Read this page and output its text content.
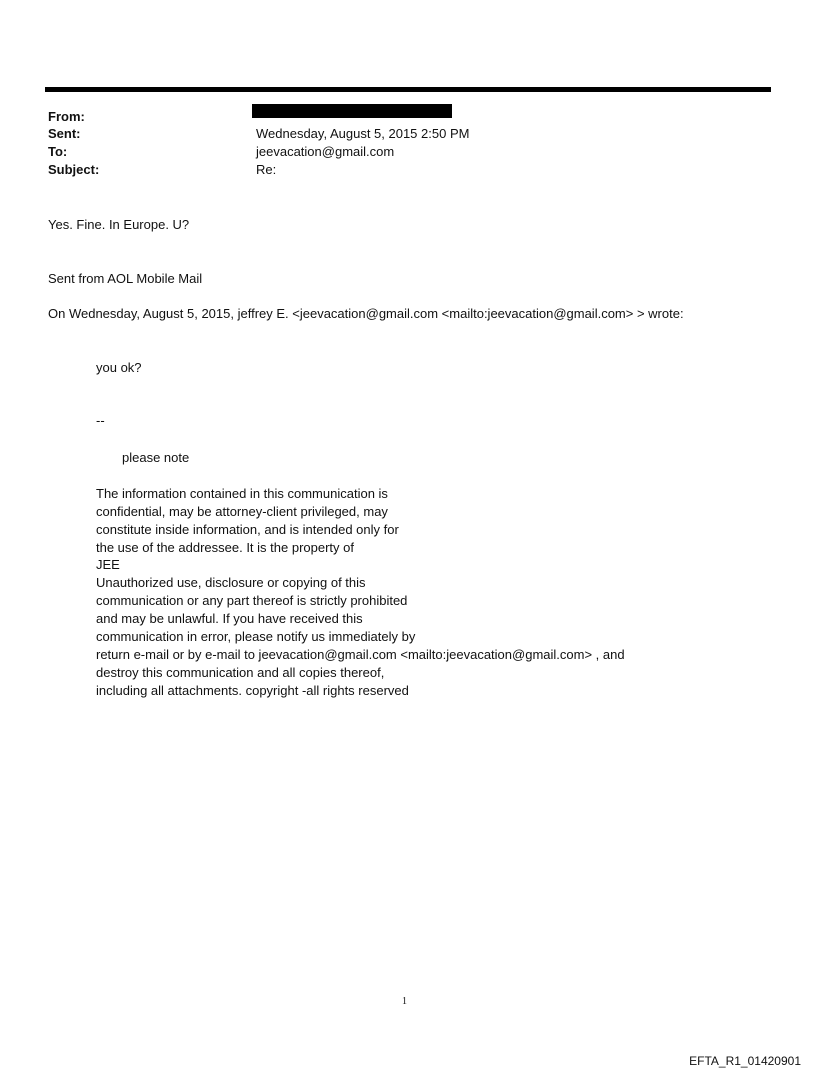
From:
Sent:	Wednesday, August 5, 2015 2:50 PM
To:	jeevacation@gmail.com
Subject:	Re:
Yes. Fine. In Europe. U?
Sent from AOL Mobile Mail
On Wednesday, August 5, 2015, jeffrey E. <jeevacation@gmail.com <mailto:jeevacation@gmail.com> > wrote:
you ok?
--
please note
The information contained in this communication is
confidential, may be attorney-client privileged, may
constitute inside information, and is intended only for
the use of the addressee. It is the property of
JEE
Unauthorized use, disclosure or copying of this
communication or any part thereof is strictly prohibited
and may be unlawful. If you have received this
communication in error, please notify us immediately by
return e-mail or by e-mail to jeevacation@gmail.com <mailto:jeevacation@gmail.com> , and
destroy this communication and all copies thereof,
including all attachments. copyright -all rights reserved
1
EFTA_R1_01420901
